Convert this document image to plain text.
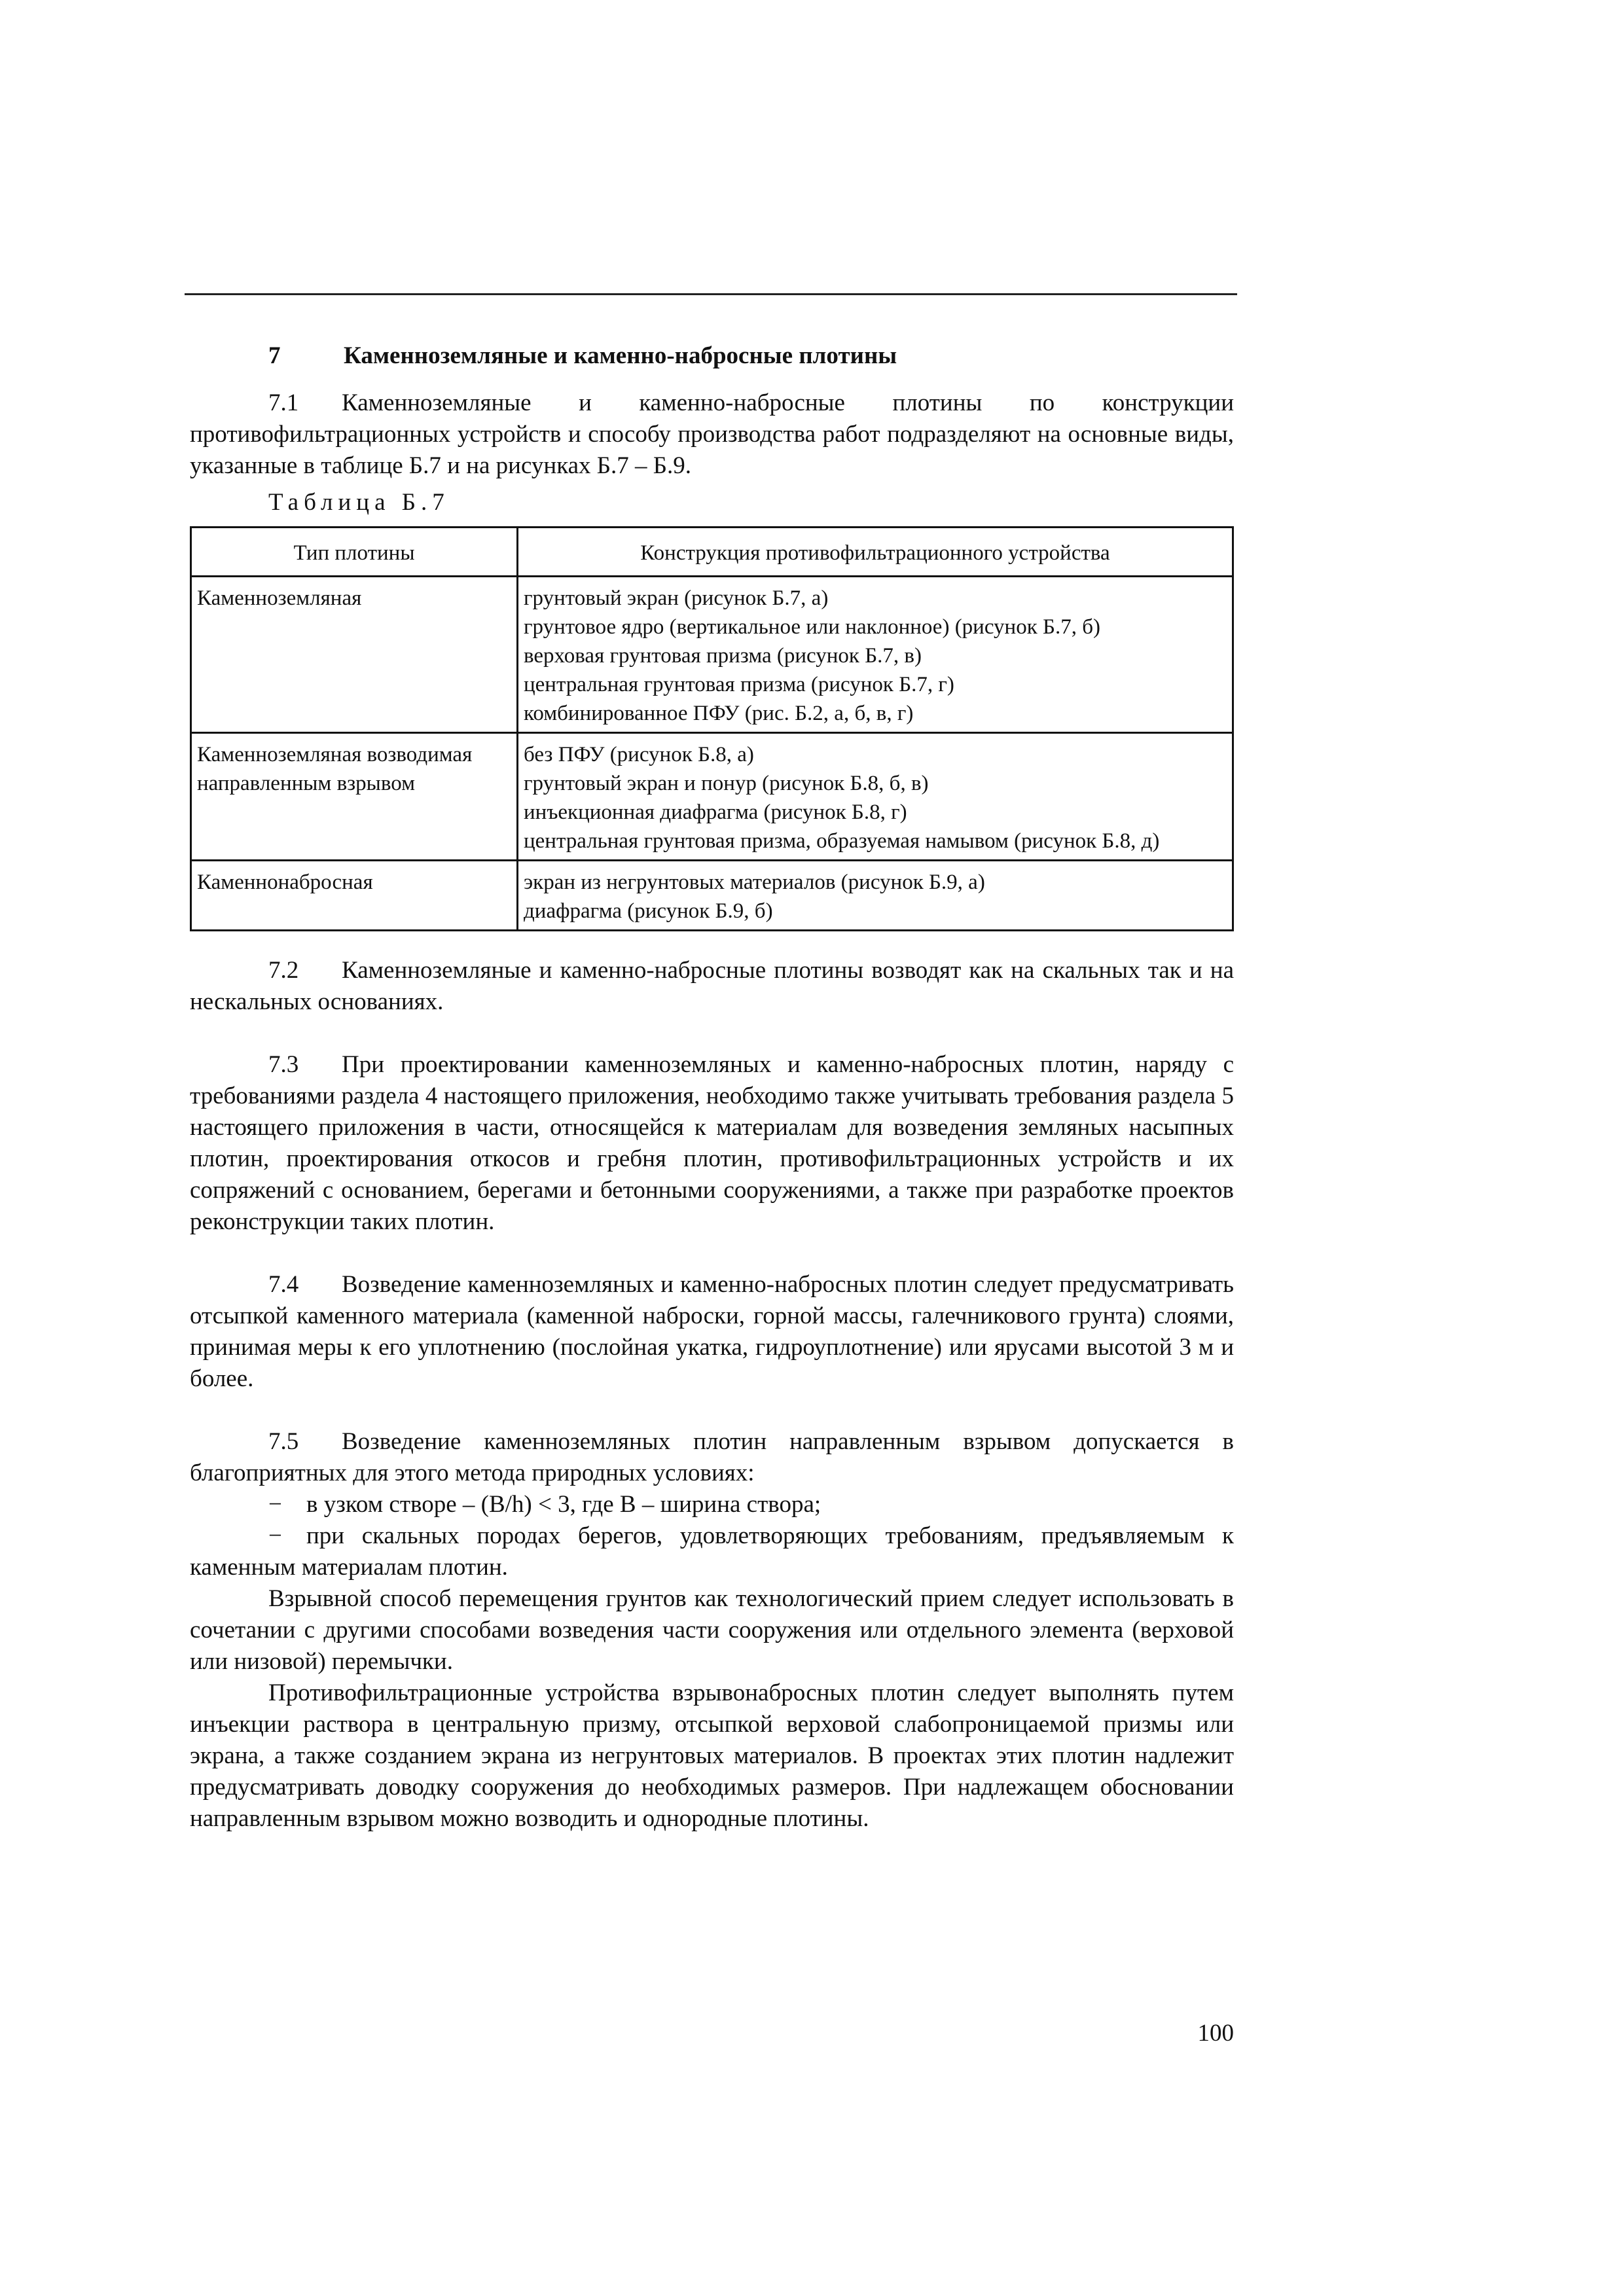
7	Каменноземляные и каменно-набросные плотины

7.1 Каменноземляные и каменно-набросные плотины по конструкции противофильтрационных устройств и способу производства работ подразделяют на основные виды, указанные в таблице Б.7 и на рисунках Б.7 – Б.9.

Таблица Б.7

Тип плотины	Конструкция противофильтрационного устройства
Каменноземляная	грунтовый экран (рисунок Б.7, а)
грунтовое ядро (вертикальное или наклонное) (рисунок Б.7, б)
верховая грунтовая призма (рисунок Б.7, в)
центральная грунтовая призма (рисунок Б.7, г)
комбинированное ПФУ (рис. Б.2, а, б, в, г)

Каменноземляная возводимая направленным взрывом	без ПФУ (рисунок Б.8, а)
грунтовый экран и понур (рисунок Б.8, б, в)
инъекционная диафрагма (рисунок Б.8, г)
центральная грунтовая призма, образуемая намывом (рисунок Б.8, д)

Каменнонабросная	экран из негрунтовых материалов (рисунок Б.9, а)
диафрагма (рисунок Б.9, б)

7.2 Каменноземляные и каменно-набросные плотины возводят как на скальных так и на нескальных основаниях.

7.3 При проектировании каменноземляных и каменно-набросных плотин, наряду с требованиями раздела 4 настоящего приложения, необходимо также учитывать требования раздела 5 настоящего приложения в части, относящейся к материалам для возведения земляных насыпных плотин, проектирования откосов и гребня плотин, противофильтрационных устройств и их сопряжений с основанием, берегами и бетонными сооружениями, а также при разработке проектов реконструкции таких плотин.

7.4 Возведение каменноземляных и каменно-набросных плотин следует предусматривать отсыпкой каменного материала (каменной наброски, горной массы, галечникового грунта) слоями, принимая меры к его уплотнению (послойная укатка, гидроуплотнение) или ярусами высотой 3 м и более.

7.5 Возведение каменноземляных плотин направленным взрывом допускается в благоприятных для этого метода природных условиях:

− в узком створе – (B/h) < 3, где B – ширина створа;

− при скальных породах берегов, удовлетворяющих требованиям, предъявляемым к каменным материалам плотин.

Взрывной способ перемещения грунтов как технологический прием следует использовать в сочетании с другими способами возведения части сооружения или отдельного элемента (верховой или низовой) перемычки.

Противофильтрационные устройства взрывонабросных плотин следует выполнять путем инъекции раствора в центральную призму, отсыпкой верховой слабопроницаемой призмы или экрана, а также созданием экрана из негрунтовых материалов. В проектах этих плотин надлежит предусматривать доводку сооружения до необходимых размеров. При надлежащем обосновании направленным взрывом можно возводить и однородные плотины.

100
